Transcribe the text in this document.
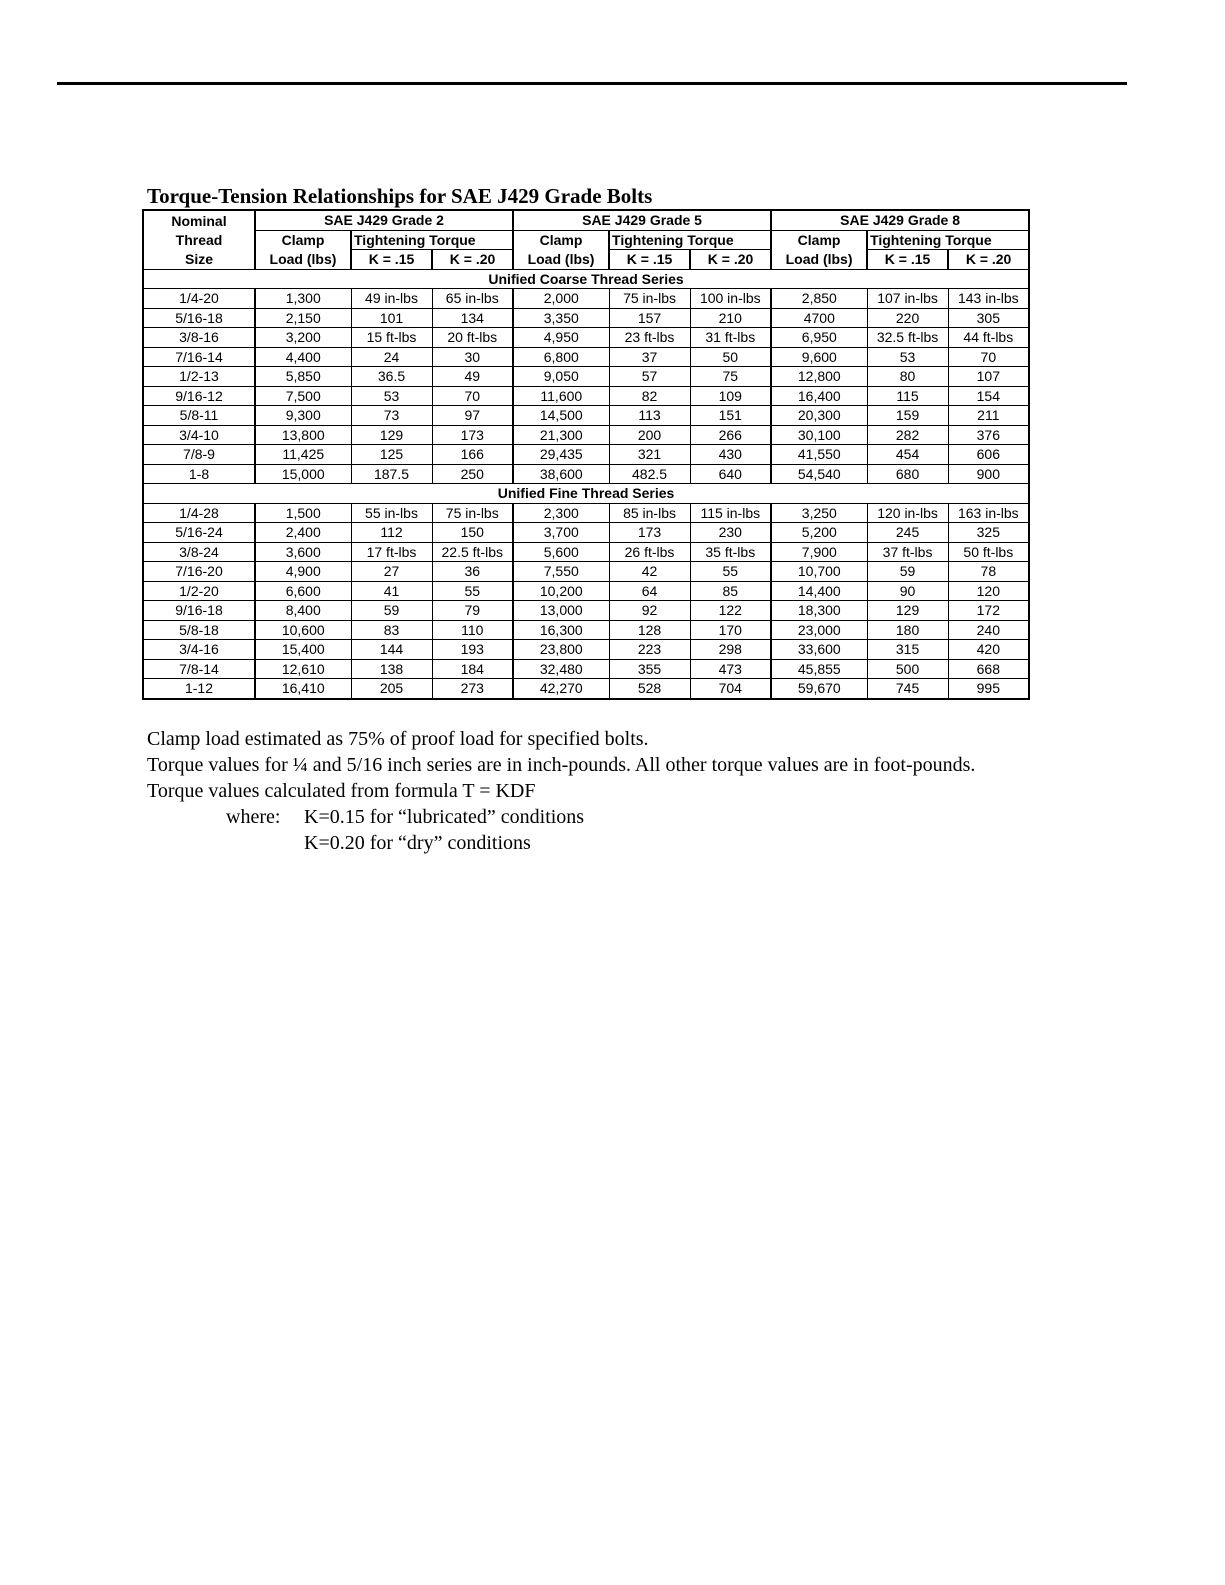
Torque-Tension Relationships for SAE J429 Grade Bolts
Nominal	SAE J429 Grade 2			SAE J429 Grade 5			SAE J429 Grade 8		
Thread	Clamp	Tightening Torque		Clamp	Tightening Torque		Clamp	Tightening Torque	
Size	Load (lbs)	K = .15	K = .20	Load (lbs)	K = .15	K = .20	Load (lbs)	K = .15	K = .20
Unified Coarse Thread Series									
1/4-20	1,300	49 in-lbs	65 in-lbs	2,000	75 in-lbs	100 in-lbs	2,850	107 in-lbs	143 in-lbs
5/16-18	2,150	101	134	3,350	157	210	4700	220	305
3/8-16	3,200	15 ft-lbs	20 ft-lbs	4,950	23 ft-lbs	31 ft-lbs	6,950	32.5 ft-lbs	44 ft-lbs
7/16-14	4,400	24	30	6,800	37	50	9,600	53	70
1/2-13	5,850	36.5	49	9,050	57	75	12,800	80	107
9/16-12	7,500	53	70	11,600	82	109	16,400	115	154
5/8-11	9,300	73	97	14,500	113	151	20,300	159	211
3/4-10	13,800	129	173	21,300	200	266	30,100	282	376
7/8-9	11,425	125	166	29,435	321	430	41,550	454	606
1-8	15,000	187.5	250	38,600	482.5	640	54,540	680	900
Unified Fine Thread Series									
1/4-28	1,500	55 in-lbs	75 in-lbs	2,300	85 in-lbs	115 in-lbs	3,250	120 in-lbs	163 in-lbs
5/16-24	2,400	112	150	3,700	173	230	5,200	245	325
3/8-24	3,600	17 ft-lbs	22.5 ft-lbs	5,600	26 ft-lbs	35 ft-lbs	7,900	37 ft-lbs	50 ft-lbs
7/16-20	4,900	27	36	7,550	42	55	10,700	59	78
1/2-20	6,600	41	55	10,200	64	85	14,400	90	120
9/16-18	8,400	59	79	13,000	92	122	18,300	129	172
5/8-18	10,600	83	110	16,300	128	170	23,000	180	240
3/4-16	15,400	144	193	23,800	223	298	33,600	315	420
7/8-14	12,610	138	184	32,480	355	473	45,855	500	668
1-12	16,410	205	273	42,270	528	704	59,670	745	995
Clamp load estimated as 75% of proof load for specified bolts.
Torque values for ¼ and 5/16 inch series are in inch-pounds. All other torque values are in foot-pounds.
Torque values calculated from formula T = KDF
where: K=0.15 for “lubricated” conditions
K=0.20 for “dry” conditions
